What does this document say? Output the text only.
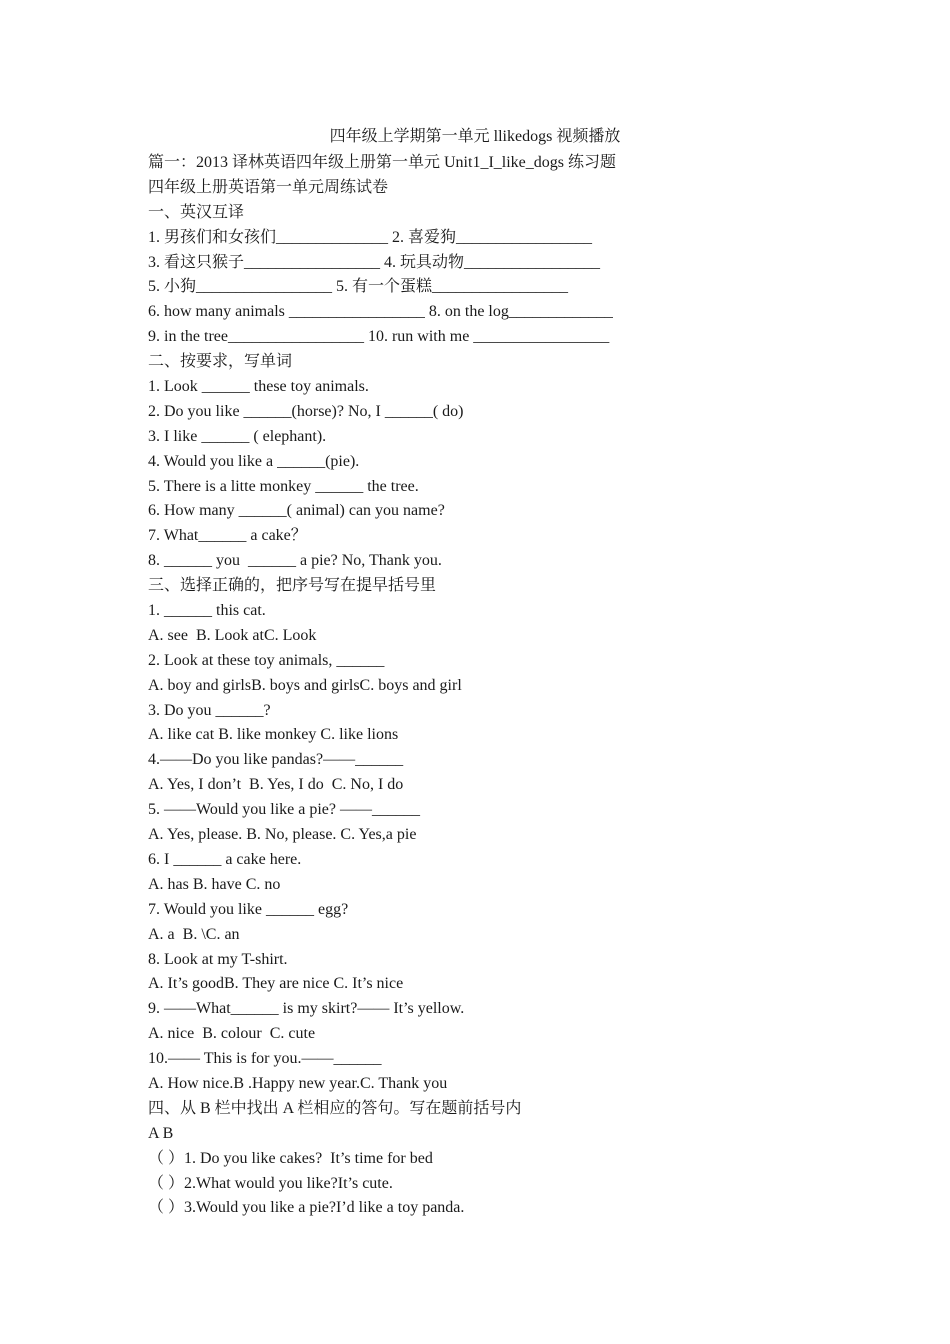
四年级上学期第一单元 llikedogs 视频播放
篇一：2013 译林英语四年级上册第一单元 Unit1_I_like_dogs 练习题
四年级上册英语第一单元周练试卷
一、英汉互译
1. 男孩们和女孩们______________ 2. 喜爱狗_________________
3. 看这只猴子_________________ 4. 玩具动物_________________
5. 小狗_________________ 5. 有一个蛋糕_________________
6. how many animals _________________ 8. on the log_____________
9. in the tree_________________ 10. run with me _________________
二、按要求，写单词
1. Look ______ these toy animals.
2. Do you like ______(horse)? No, I ______( do)
3. I like ______ ( elephant).
4. Would you like a ______(pie).
5. There is a litte monkey ______ the tree.
6. How many ______( animal) can you name?
7. What______ a cake？
8. ______ you  ______ a pie? No, Thank you.
三、选择正确的，把序号写在提早括号里
1. ______ this cat.
A. see  B. Look atC. Look
2. Look at these toy animals, ______
A. boy and girlsB. boys and girlsC. boys and girl
3. Do you ______?
A. like cat B. like monkey C. like lions
4.——Do you like pandas?——______
A. Yes, I don’t  B. Yes, I do  C. No, I do
5. ——Would you like a pie? ——______
A. Yes, please. B. No, please. C. Yes,a pie
6. I ______ a cake here.
A. has B. have C. no
7. Would you like ______ egg?
A. a  B. \C. an
8. Look at my T-shirt.
A. It’s goodB. They are nice C. It’s nice
9. ——What______ is my skirt?—— It’s yellow.
A. nice  B. colour  C. cute
10.—— This is for you.——______
A. How nice.B .Happy new year.C. Thank you
四、从 B 栏中找出 A 栏相应的答句。写在题前括号内
A B
（ ）1. Do you like cakes?  It’s time for bed
（ ）2.What would you like?It’s cute.
（ ）3.Would you like a pie?I’d like a toy panda.
